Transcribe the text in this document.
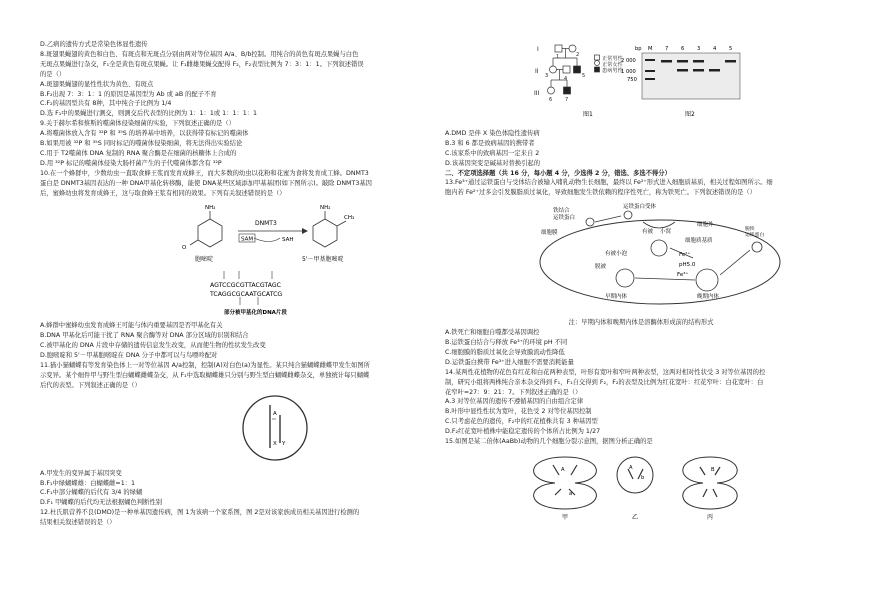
D.乙病的遗传方式是常染色体显性遗传

8.斑翅果蝇翅的黄色和白色、有斑点和无斑点分别由两对等位基因 A/a、B/b控制。用纯合的黄色有斑点果蝇与白色

无斑点果蝇进行杂交，F₁全是黄色有斑点果蝇。让 F₁雌雄果蝇交配得 F₂，F₂表型比例为 7：3：1：1。下列叙述错误

的是（）

A.斑翅果蝇翅的显性性状为黄色、有斑点

B.F₂出现 7：3：1：1 的原因是基因型为 Ab 或 aB 的配子不育

C.F₂的基因型共有 8种，其中纯合子比例为 1/4

D.选 F₁中的果蝇进行测交，则测交后代表型的比例为 1：1：1或 1：1：1：1

9.关于赫尔希和蔡斯的噬菌体侵染细菌的实验，下列叙述正确的是（）

A.将噬菌体放入含有 ³²P 和 ³⁵S 的培养基中培养，以获得带有标记的噬菌体

B.如果用被 ³²P 和 ³⁵S 同时标记的噬菌体侵染细菌，将无法得出实验结论

C.用于 T2噬菌体 DNA 复制的 RNA 聚合酶是在细菌的核糖体上合成的

D.用 ³²P 标记的噬菌体侵染大肠杆菌产生的子代噬菌体都含有 ³²P

10.在一个蜂群中，少数幼虫一直取食蜂王浆而发育成蜂王，而大多数的幼虫以花粉和花蜜为食将发育成工蜂。DNMT3

蛋白是 DNMT3基因表达的一种 DNA甲基化转移酶，能使 DNA某些区域添加甲基基团(如下图所示)。敲除 DNMT3基因

后，蜜蜂幼虫将发育成蜂王，这与取食蜂王浆有相同的效果。下列有关叙述错误的是（）

NH₂
O
胞嘧啶
DNMT3
SAM	SAH
NH₂
CH₃
5'－甲基胞嘧啶
AGTCCGCGTTACGTAGC
TCAGGCGCAATGCATCG
部分被甲基化的DNA片段

A.蜂群中蜜蜂幼虫发育成蜂王可能与体内重要基因是否甲基化有关

B.DNA 甲基化后可能干扰了 RNA 聚合酶等对 DNA 部分区域的识别和结合

C.被甲基化的 DNA 片段中存储的遗传信息发生改变，从而使生物的性状发生改变

D.胞嘧啶和 5'－甲基胞嘧啶在 DNA 分子中都可以与鸟嘌呤配对

11.猫小猫蝴蝶有等发育染色体上一对等位基因 A/a控制，控制(A)对白色(a)为显性。某只纯合猫蝴蝶雌蝶甲发生如图所

示变异。某个细件甲与野生型白蝴蝶雌蝶杂交，从 F₁中选取蝴蝶雄只分别与野生型白蝴蝶雌蝶杂交，单独统计每只蝴蝶

后代的表型。下列叙述正确的是（）

A
X Y

A.甲发生的变异属于基因突变

B.F₁中绿蝴蝶雄：白蝴蝶雌=1：1

C.F₁中部分蝴蝶的后代有 3/4 的绿蝴

D.F₁ 甲蝴蝶的后代均无法根据蝴色判断性别

12.杜氏肌营养不良(DMD)是一种单基因遗传病，图 1为该病一个家系图，图 2是对该家族成员相关基因进行检测的

结果相关叙述错误的是（）

I
II
III
1	2
3	4	5
6	7
正常男性
正常女性
患病男性
图1
bp M 7 6 3 4 5
2 000
1 000
750
图2

A.DMD 是伴 X 染色体隐性遗传病

B.3 和 6 都是致病基因的携带者

C.该家系中的致病基因一定来自 2

D.该基因突变是碱基对替换引起的

二、不定项选择题（共 16 分，每小题 4 分，少选得 2 分，错选、多选不得分）

13.Fe³⁺通过运铁蛋白与受体结合被输入哺乳动物生长细胞，最终以 Fe²⁺形式进入细胞质基质，相关过程如图所示。细

胞内若 Fe²⁺过多会引发膜脂质过氧化，导致细胞发生铁依赖的程序性死亡，称为铁死亡。下列叙述错误的是（）

铁结合
运铁蛋白
运铁蛋白受体
细胞膜
细胞外
有被 小窝
细胞质基质
脱铁
运铁蛋白
有被小泡
脱被	pH5.0
Fe²⁺
Fe³⁺
早期内体	晚期内体

注：早期内体和晚期内体是溶酶体形成前的结构形式

A.铁死亡和细胞自噬都受基因调控

B.运铁蛋白结合与释放 Fe³⁺的环境 pH 不同

C.细胞膜的脂质过氧化会导致膜流动性降低

D.运铁蛋白携带 Fe³⁺进入细胞不需要消耗能量

14.某两性花植物的花色有红花和白花两种表型，叶形有宽叶和窄叶两种表型，这两对相对性状受 3 对等位基因的控

制，研究小组将两株纯合亲本杂交得到 F₁，F₁自交得到 F₂，F₂的表型及比例为红花宽叶：红花窄叶：白花宽叶：白

花窄叶=27：9：21：7。下列叙述正确的是（）

A.3 对等位基因的遗传不遵循基因的自由组合定律

B.叶形中显性性状为宽叶，花色受 2 对等位基因控制

C.只考虑花色的遗传，F₂中的红花植株共有 3 种基因型

D.F₂红花宽叶植株中能稳定遗传的个体所占比例为 1/27

15.如图是某二倍体(AaBb)动物的几个细胞分裂示意图，据图分析正确的是

A
a
b
A	B
甲	乙	丙
